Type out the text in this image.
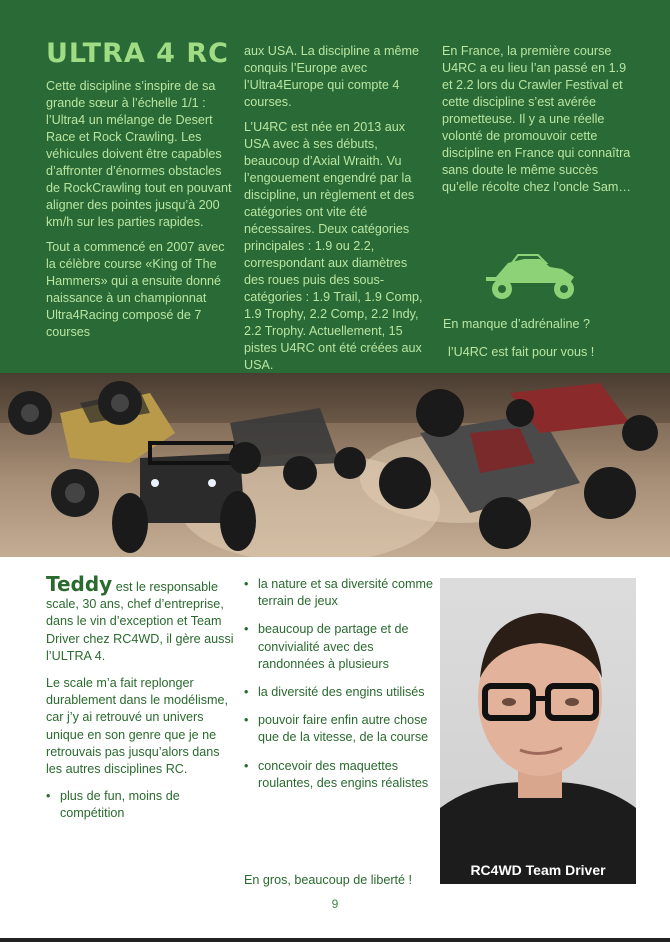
ULTRA 4 RC

Cette discipline s’inspire de sa grande sœur à l’échelle 1/1 : l’Ultra4 un mélange de Desert Race et Rock Crawling. Les véhicules doivent être capables d’affronter d’énormes obstacles de RockCrawling tout en pouvant aligner des pointes jusqu’à 200 km/h sur les parties rapides.

Tout a commencé en 2007 avec la célèbre course «King of The Hammers» qui a ensuite donné naissance à un championnat Ultra4Racing composé de 7 courses

aux USA. La discipline a même conquis l’Europe avec l’Ultra4Europe qui compte 4 courses.

L’U4RC est née en 2013 aux USA avec à ses débuts, beaucoup d’Axial Wraith. Vu l’engouement engendré par la discipline, un règlement et des catégories ont vite été nécessaires. Deux catégories principales : 1.9 ou 2.2, correspondant aux diamètres des roues puis des sous-catégories : 1.9 Trail, 1.9 Comp, 1.9 Trophy, 2.2 Comp, 2.2 Indy, 2.2 Trophy. Actuellement, 15 pistes U4RC ont été créées aux USA.

En France, la première course U4RC a eu lieu l’an passé en 1.9 et 2.2 lors du Crawler Festival et cette discipline s’est avérée prometteuse. Il y a une réelle volonté de promouvoir cette discipline en France qui connaîtra sans doute le même succès qu’elle récolte chez l’oncle Sam…

En manque d’adrénaline ?
l’U4RC est fait pour vous !

Teddy est le responsable scale, 30 ans, chef d’entreprise, dans le vin d’exception et Team Driver chez RC4WD, il gère aussi l’ULTRA 4.

Le scale m’a fait replonger durablement dans le modélisme, car j’y ai retrouvé un univers unique en son genre que je ne retrouvais pas jusqu’alors dans les autres disciplines RC.

• plus de fun, moins de compétition
• la nature et sa diversité comme terrain de jeux
• beaucoup de partage et de convivialité avec des randonnées à plusieurs
• la diversité des engins utilisés
• pouvoir faire enfin autre chose que de la vitesse, de la course
• concevoir des maquettes roulantes, des engins réalistes
En gros, beaucoup de liberté !
RC4WD Team Driver
9
